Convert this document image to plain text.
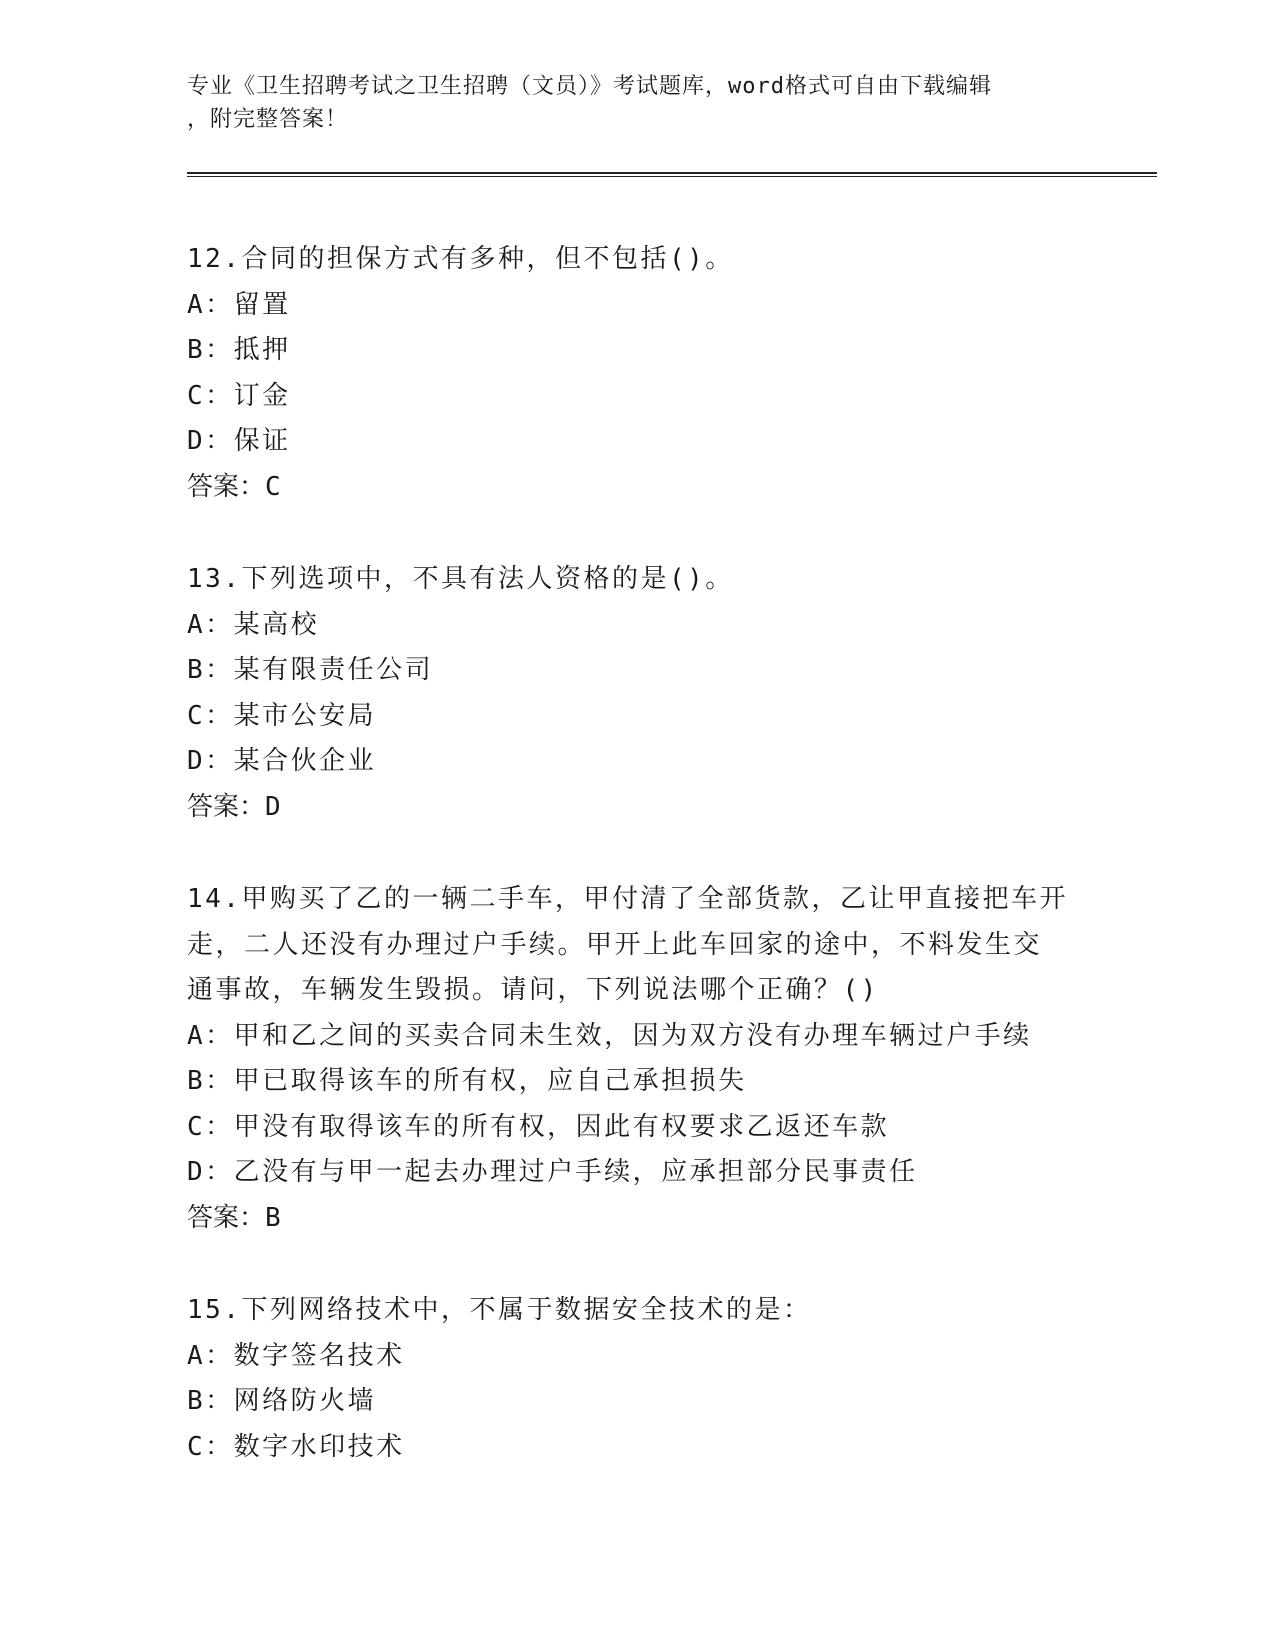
专业《卫生招聘考试之卫生招聘（文员）》考试题库，word格式可自由下载编辑
，附完整答案！
12.合同的担保方式有多种，但不包括()。
A：留置
B：抵押
C：订金
D：保证
答案：C
13.下列选项中，不具有法人资格的是()。
A：某高校
B：某有限责任公司
C：某市公安局
D：某合伙企业
答案：D
14.甲购买了乙的一辆二手车，甲付清了全部货款，乙让甲直接把车开
走，二人还没有办理过户手续。甲开上此车回家的途中，不料发生交
通事故，车辆发生毁损。请问，下列说法哪个正确？()
A：甲和乙之间的买卖合同未生效，因为双方没有办理车辆过户手续
B：甲已取得该车的所有权，应自己承担损失
C：甲没有取得该车的所有权，因此有权要求乙返还车款
D：乙没有与甲一起去办理过户手续，应承担部分民事责任
答案：B
15.下列网络技术中，不属于数据安全技术的是：
A：数字签名技术
B：网络防火墙
C：数字水印技术
